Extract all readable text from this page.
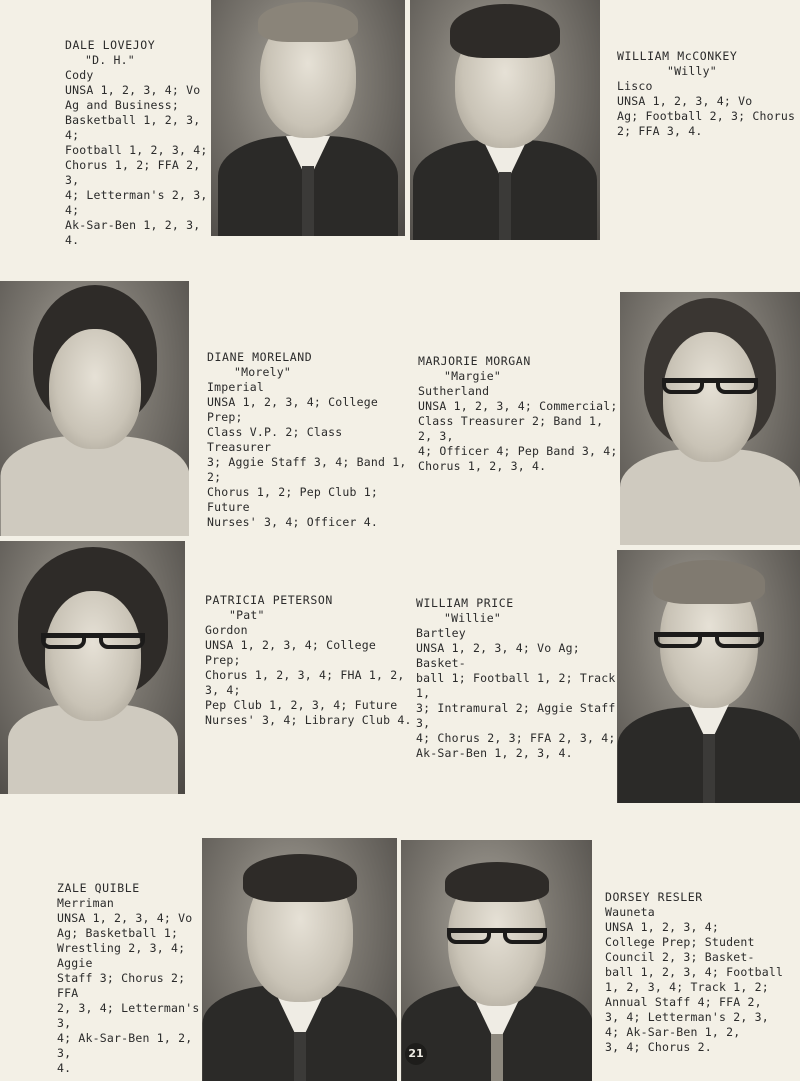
DALE LOVEJOY
"D. H."
Cody
UNSA 1, 2, 3, 4; Vo
Ag and Business;
Basketball 1, 2, 3, 4;
Football 1, 2, 3, 4;
Chorus 1, 2; FFA 2, 3,
4; Letterman's 2, 3, 4;
Ak-Sar-Ben 1, 2, 3, 4.
WILLIAM McCONKEY
"Willy"
Lisco
UNSA 1, 2, 3, 4; Vo
Ag; Football 2, 3; Chorus
2; FFA 3, 4.
DIANE MORELAND
"Morely"
Imperial
UNSA 1, 2, 3, 4; College Prep;
Class V.P. 2; Class Treasurer
3; Aggie Staff 3, 4; Band 1, 2;
Chorus 1, 2; Pep Club 1; Future
Nurses' 3, 4; Officer 4.
MARJORIE MORGAN
"Margie"
Sutherland
UNSA 1, 2, 3, 4; Commercial;
Class Treasurer 2; Band 1, 2, 3,
4; Officer 4; Pep Band 3, 4;
Chorus 1, 2, 3, 4.
PATRICIA PETERSON
"Pat"
Gordon
UNSA 1, 2, 3, 4; College Prep;
Chorus 1, 2, 3, 4; FHA 1, 2, 3, 4;
Pep Club 1, 2, 3, 4; Future
Nurses' 3, 4; Library Club 4.
WILLIAM PRICE
"Willie"
Bartley
UNSA 1, 2, 3, 4; Vo Ag; Basket-
ball 1; Football 1, 2; Track 1,
3; Intramural 2; Aggie Staff 3,
4; Chorus 2, 3; FFA 2, 3, 4;
Ak-Sar-Ben 1, 2, 3, 4.
ZALE QUIBLE
Merriman
UNSA 1, 2, 3, 4; Vo
Ag; Basketball 1;
Wrestling 2, 3, 4; Aggie
Staff 3; Chorus 2; FFA
2, 3, 4; Letterman's 3,
4; Ak-Sar-Ben 1, 2, 3,
4.
DORSEY RESLER
Wauneta
UNSA 1, 2, 3, 4;
College Prep; Student
Council 2, 3; Basket-
ball 1, 2, 3, 4; Football
1, 2, 3, 4; Track 1, 2;
Annual Staff 4; FFA 2,
3, 4; Letterman's 2, 3,
4; Ak-Sar-Ben 1, 2,
3, 4; Chorus 2.
21
